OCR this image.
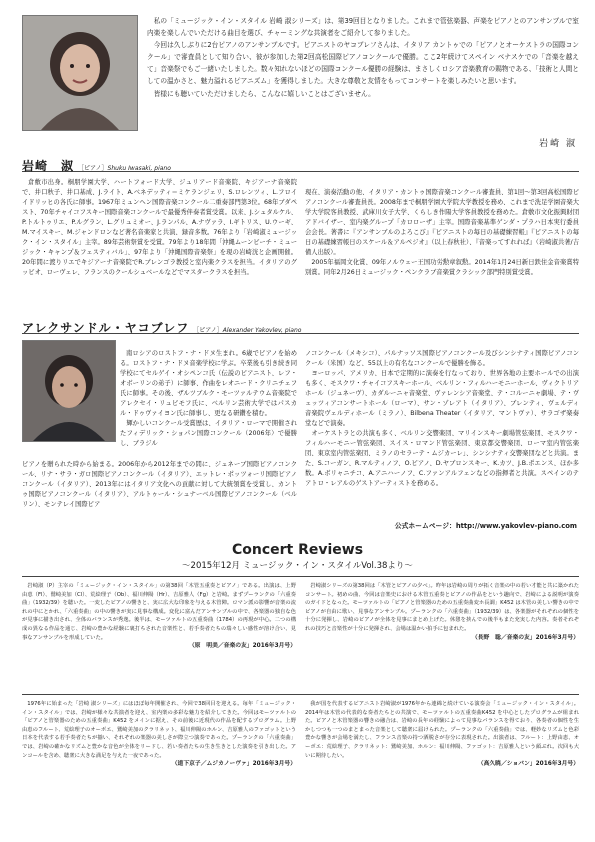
私の「ミュージック・イン・スタイル 岩崎 淑シリーズ」は、第39回目となりました。これまで管弦楽器、声楽をピアノとのアンサンブルで室内楽を楽しんでいただける曲目を選び、チャーミングな共演者をご紹介して参りました。

今回は久しぶりに2台ピアノのアンサンブルです。ピアニストのヤコブレフさんは、イタリア カントゥでの「ピアノとオーケストラの国際コンクール」で審査員として知り合い、彼が参加した第2回高松国際ピアノコンクールで優勝。ここ2年続けてスペイン ベナスケでの「音楽を越えて」音楽祭でもご一緒いたしました。数々知れないほどの国際コンクール優勝の経験は、まさしくロシア音楽教育の賜物である、「技術と人間としての温かさと、魅力溢れるピアニズム」を獲得しました。大きな尊敬と友情をもってコンサートを楽しみたいと思います。

皆様にも聴いていただけましたら、こんなに嬉しいことはございません。

岩崎 淑
岩崎　淑 ［ピアノ］Shuku Iwasaki, piano

倉敷市出身。桐朋学園大学、ハートフォード大学、ジュリアード音楽院、キジアーナ音楽院で、井口秋子、井口基成、J.ライト、A.ベネデッティ＝ミケランジェリ、S.ロレンツィ、L.フロイイドリッヒの各氏に師事。1967年ミュンヘン国際音楽コンクール二重奏部門第3位。68年ブダペスト、70年チャイコフスキー国際音楽コンクールで最優秀伴奏者賞受賞。以来、J.シュタルケル、P.トルトゥリエ、P.ルグラン、L.グリュミオー、J.ランパル、A.ナヴァラ、I.ギトリス、U.ウーギ、M.マイスキー、M.ジャンドロンなど著名音楽家と共演、録音多数。76年より「岩崎淑ミュージック・イン・スタイル」主宰。89年芸術祭賞を受賞。79年より18年間「沖縄ムーンビーチ・ミュージック・キャンプ＆フェスティバル」、97年より「沖縄国際音楽祭」を現の岩崎洸と企画開催。20年間に渡りリエでキジアーナ音楽院でR.ブレンゴラ教授と室内楽クラスを担当。イタリアのグッビオ、ローヴェレ、フランスのクールシュベールなどでマスタークラスを担当。

現在、演奏活動の他、イタリア・カントゥ国際音楽コンクール審査員、第1回〜第3回高松国際ピアノコンクール審査員長。2008年まで桐朋学園大学院大学教授を務め、これまで洗足学園音楽大学大学院客員教授、武庫川女子大学、くらしき作陽大学客員教授を務めた。倉敷市文化振興財団アドバイザー、室内楽グループ「カロローザ」主宰。国際音楽基準ゲンダ・プラハ日本実行委員会会長。著書に『アンサンブルのよろこび』『ピアニストの毎日の基礎練習帳』『ピアニストの毎日の基礎練習帳日のスケール＆アルペジオ』（以上春秋社）、『音楽ってすれれば』（岩崎淑共著/吉備人出版）。
　2005年福岡文化賞、09年ノルウェー王国功労勲章叙勲。2014年1月24日新日鉄住金音楽賞特別賞。同年2月26日ミュージック・ペンクラブ音楽賞クラシック部門特別賞受賞。

アレクサンドル・ヤコブレフ ［ピアノ］Alexander Yakovlev, piano

南ロシアのロストフ・ナ・ドヌ生まれ。6歳でピアノを始める。ロストフ・ナ・ドヌ音楽学校に学ぶ。卒業後も引き続き同学校にてセルゲイ・オシペンコ氏（伝説のピアニスト、レフ・オボーリンの弟子）に師事、作曲をレオニード・クリニチェフ氏に師事。その後、ザルツブルク・モーツァルテウム音楽院でアレクセイ・リュビモフ氏に、ベルリン芸術大学ではパスカル・ドゥヴァイヨン氏に師事し、更なる研鑽を積む。
　輝かしいコンクール受賞歴は、イタリア・ローマで開催されたフィデリック・ショパン国際コンクール（2006年）で優勝し、ブラジル

ピアノを贈られた時から始まる。2006年から2012年までの間に、ジュネーブ国際ピアノコンクール、リナ・サラ・ガロ国際ピアノコンクール（イタリア）、エットレ・ポッツォーリ国際ピアノコンクール（イタリア）、2013年にはイタリア文化への貢献に対して大統領賞を受賞し、カントゥ国際ピアノコンクール（イタリア）、アルトゥール・シュナーベル国際ピアノコンクール（ベルリン）、モンテレイ国際ピア

ノコンクール（メキシコ）、パルナッソス国際ピアノコンクール及びシンシナティ国際ピアノコンクール（米国）など、55以上の有名なコンクールで優勝を飾る。
　ヨーロッパ、アメリカ、日本で定期的に演奏を行なっており、世界各地の主要ホールでの出演も多く、モスクワ・チャイコフスキーホール、ベルリン・フィルハーモニーホール、ヴィクトリアホール（ジュネーヴ）、カダルーニャ音楽堂、ヴァレンシア音楽堂、テ・コルーニャ劇場、テ・ヴェッツィアコンサートホール（ローマ）、サン・ゾレアト（イタリア）、ブレンティ、ヴェルディ音楽院ヴェルディホール（ミラノ）、Bilbena Theater（イタリア、マントヴァ）、サラゴザ楽奏堂などで演奏。
　オーケストラとの共演も多く、ベルリン交響楽団、マリインスキー劇場管弦楽団、モスクワ・フィルハーモニー管弦楽団、スイス・ロマンド管弦楽団、東京都交響楽団、ローマ室内管弦楽団、東京室内管弦楽団、ミラノのセラーテ・ムジカーレ」、シンシナティ交響楽団などと共演。また、S.コーガン、R.マルティノフ、O.ピアノ、D.ヤブロンスキー、K.カツ、J.B.ポエンス、ほか多数。A.ボリャニチコ、A.アニハーノフ、C.ファンアルフェンなどの指揮者と共演。スペインのテアトロ・レアルのゲストアーティストを務める。

公式ホームページ：http://www.yakovlev-piano.com
Concert Reviews
〜2015年12月 ミュージック・イン・スタイルVol.38より〜

岩崎淑（P）主宰の「ミュージック・イン・スタイル」の第38回「木管五重奏とピアノ」である。出演は、上野由恵（Fl）、鷲崎美加（Cl）、荒絵理子（Ob）、福川伸陽（Hr）、吉原雅人（Fg）と岩崎。まずプーランクの「六重奏曲」（1932/39）を聴いた。一変したピアノの響きと、実に広大な印象を与える木管陣。ロマン派の影響が音楽の流れの中にとかれ、「六重奏曲」の中の響きが実に見事な構成。変化に富んだアンサンブルの中で、各楽器の独自な色が見事に描き出され、全体のバランスが秀逸。後半は、モーツァルトの五重奏曲（1784）の再現が中心。二つの構成の異なる作品を通じ、岩崎の豊かな経験に裏打ちされた音楽性と、若手奏者たちの瑞々しい感性が溶け合い、見事なアンサンブルを形成していた。

（原　明美／音楽の友」2016年3月号）

岩崎淑シリーズの第38回は「木管とピアノの夕べ」。昨年は岩崎の周りが拓く音楽の中の若い才能と共に築かれたコンサート。初めの曲、今回は音楽史における木管五重奏とピアノの作品をという趣向で、岩崎による説明が演奏のガイドとなった。モーツァルトの「ピアノと管楽器のための五重奏曲変ホ長調」K452 は木管の美しい響きの中でピアノが自由に歌い、見事なアンサンブル。プーランクの「六重奏曲」（1932/39）は、各楽器がそれぞれの個性を十分に発揮し、岩崎のピアノが全体を見事にまとめ上げた。休憩を挟んでの後半もまた充実した内容。奏者それぞれの技巧と音楽性が十分に発揮され、会場は温かい拍手に包まれた。

（長野　聡／音楽の友」2016年3月号）

1976年に始まった「岩崎 淑シリーズ」にはほぼ毎年開催され、今回で38回目を迎える。毎年「ミュージック・イン・スタイル」では、岩崎が様々な共演者を迎え、室内楽の多彩な魅力を紹介してきた。今回はモーツァルトの「ピアノと管楽器のための五重奏曲」K452 をメインに据え、その前後に近現代の作品を配するプログラム。上野由恵のフルート、荒絵理子のオーボエ、鷲崎美加のクラリネット、福川伸陽のホルン、吉原雅人のファゴットという日本を代表する若手奏者たちが揃い、それぞれの楽器の美しさが際立つ演奏であった。プーランクの「六重奏曲」では、岩崎の確かなリズムと豊かな音色が全体をリードし、若い奏者たちの生き生きとした演奏を引き出した。アンコールを含め、聴衆に大きな満足を与えた一夜であった。

（道下京子／ムジカノーヴァ」2016年3月号）

我が国を代表するピアニスト岩崎淑が1976年から連綿と続けている演奏会「ミュージック・イン・スタイル」。2014年は木管の代表的な奏者たちとの共演で、モーツァルトの五重奏曲K452 を中心としたプログラムが組まれた。ピアノと木管楽器の響きの融合は、岩崎の長年の経験によって見事なバランスを得ており、各奏者の個性を生かしつつも一つのまとまった音楽として聴衆に届けられた。プーランクの「六重奏曲」では、軽妙なリズムと色彩豊かな響きが会場を満たし、フランス音楽の持つ洒脱さが存分に表現された。出演者は、フルート：上野由恵、オーボエ：荒絵理子、クラリネット：鷲崎美加、ホルン：福川伸陽、ファゴット：吉原雅人という顔ぶれ。次回も大いに期待したい。

（高久暁／ショパン」2016年3月号）
